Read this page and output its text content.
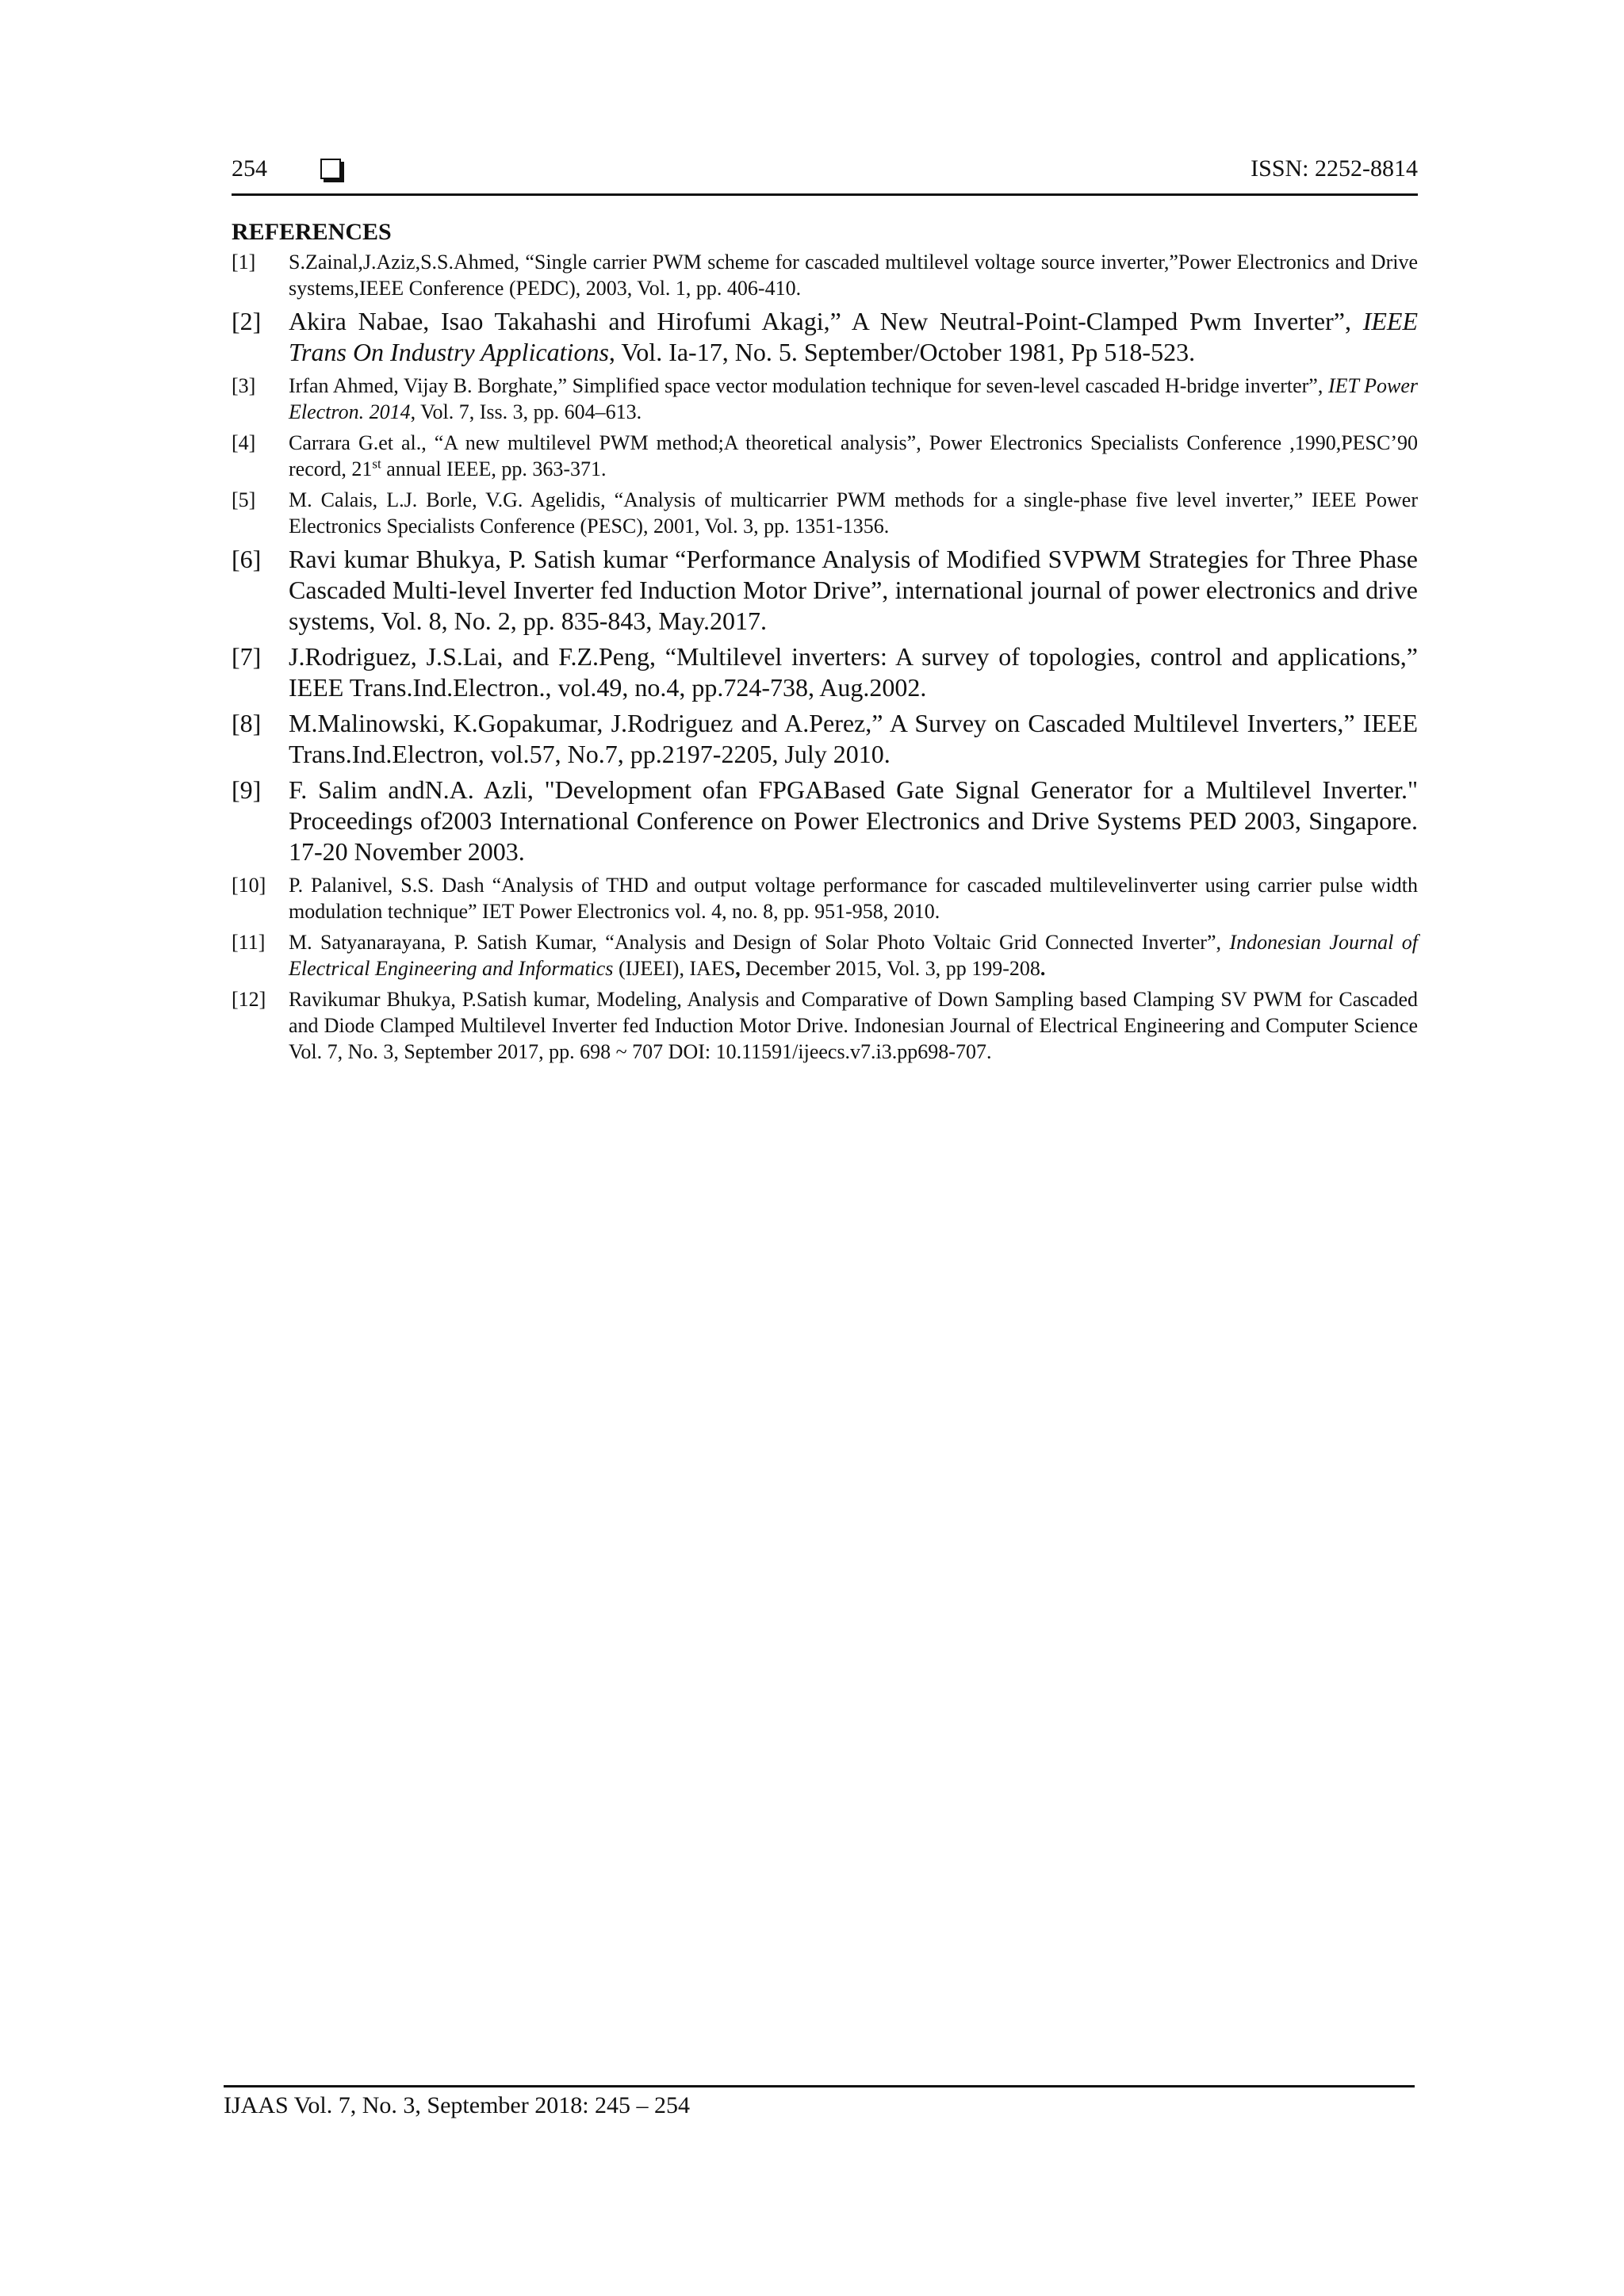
254	ISSN: 2252-8814
REFERENCES
[1]	S.Zainal,J.Aziz,S.S.Ahmed, “Single carrier PWM scheme for cascaded multilevel voltage source inverter,”Power Electronics and Drive systems,IEEE Conference (PEDC), 2003, Vol. 1, pp. 406-410.
[2]	Akira Nabae, Isao Takahashi and Hirofumi Akagi,” A New Neutral-Point-Clamped Pwm Inverter”, IEEE Trans On Industry Applications, Vol. Ia-17, No. 5. September/October 1981, Pp 518-523.
[3]	Irfan Ahmed, Vijay B. Borghate,” Simplified space vector modulation technique for seven-level cascaded H-bridge inverter”, IET Power Electron. 2014, Vol. 7, Iss. 3, pp. 604–613.
[4]	Carrara G.et al., “A new multilevel PWM method;A theoretical analysis”, Power Electronics Specialists Conference ,1990,PESC’90 record, 21st annual IEEE, pp. 363-371.
[5]	M. Calais, L.J. Borle, V.G. Agelidis, “Analysis of multicarrier PWM methods for a single-phase five level inverter,” IEEE Power Electronics Specialists Conference (PESC), 2001, Vol. 3, pp. 1351-1356.
[6]	Ravi kumar Bhukya, P. Satish kumar “Performance Analysis of Modified SVPWM Strategies for Three Phase Cascaded Multi-level Inverter fed Induction Motor Drive”, international journal of power electronics and drive systems, Vol. 8, No. 2, pp. 835-843, May.2017.
[7]	J.Rodriguez, J.S.Lai, and F.Z.Peng, “Multilevel inverters: A survey of topologies, control and applications,” IEEE Trans.Ind.Electron., vol.49, no.4, pp.724-738, Aug.2002.
[8]	M.Malinowski, K.Gopakumar, J.Rodriguez and A.Perez,” A Survey on Cascaded Multilevel Inverters,” IEEE Trans.Ind.Electron, vol.57, No.7, pp.2197-2205, July 2010.
[9]	F. Salim andN.A. Azli, "Development ofan FPGABased Gate Signal Generator for a Multilevel Inverter." Proceedings of2003 International Conference on Power Electronics and Drive Systems PED 2003, Singapore. 17-20 November 2003.
[10]	P. Palanivel, S.S. Dash “Analysis of THD and output voltage performance for cascaded multilevelinverter using carrier pulse width modulation technique” IET Power Electronics vol. 4, no. 8, pp. 951-958, 2010.
[11]	M. Satyanarayana, P. Satish Kumar, “Analysis and Design of Solar Photo Voltaic Grid Connected Inverter”, Indonesian Journal of Electrical Engineering and Informatics (IJEEI), IAES, December 2015, Vol. 3, pp 199-208.
[12]	Ravikumar Bhukya, P.Satish kumar, Modeling, Analysis and Comparative of Down Sampling based Clamping SV PWM for Cascaded and Diode Clamped Multilevel Inverter fed Induction Motor Drive. Indonesian Journal of Electrical Engineering and Computer Science Vol. 7, No. 3, September 2017, pp. 698 ~ 707 DOI: 10.11591/ijeecs.v7.i3.pp698-707.
IJAAS Vol. 7, No. 3, September 2018: 245 – 254
